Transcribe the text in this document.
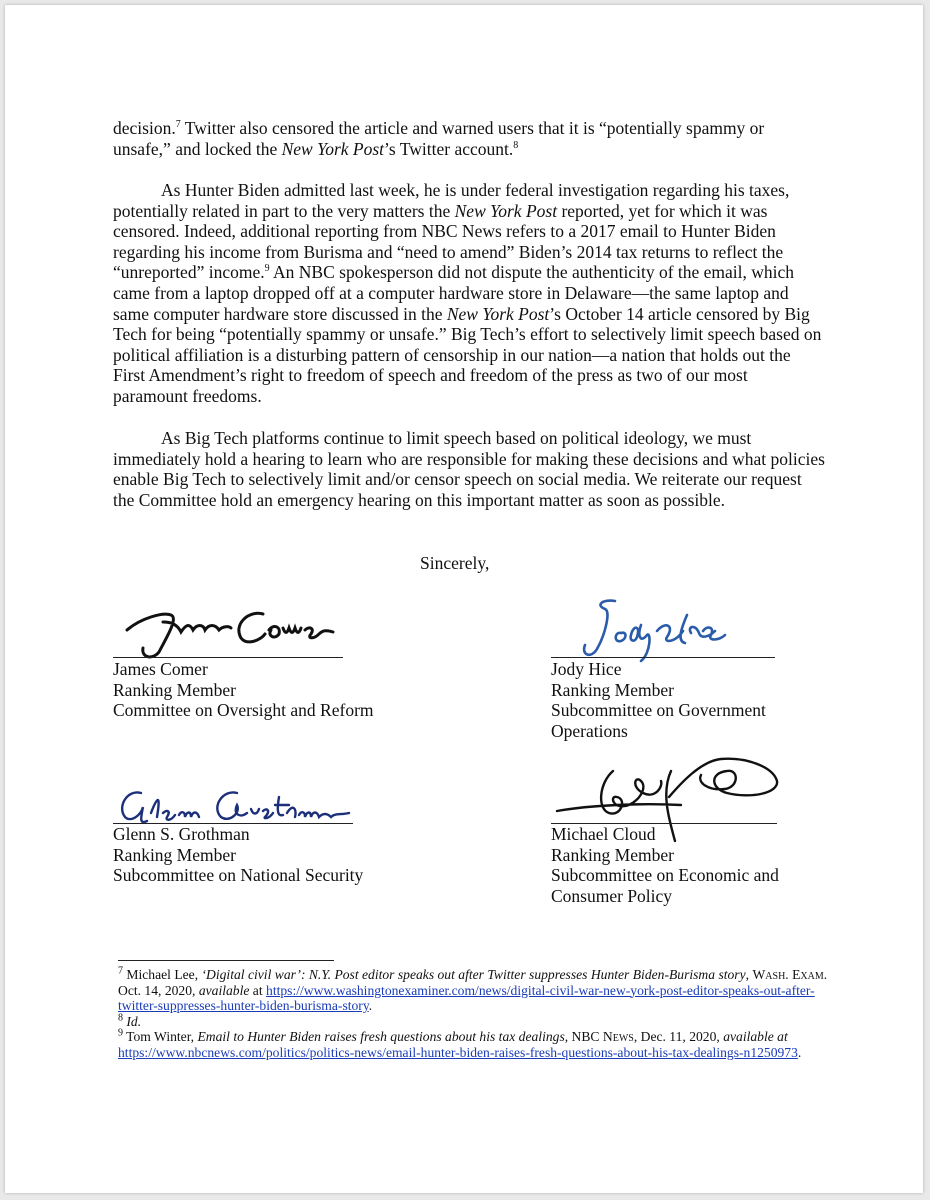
decision.$^7$ Twitter also censored the article and warned users that it is “potentially spammy or unsafe,” and locked the New York Post’s Twitter account.$^8$

As Hunter Biden admitted last week, he is under federal investigation regarding his taxes, potentially related in part to the very matters the New York Post reported, yet for which it was censored. Indeed, additional reporting from NBC News refers to a 2017 email to Hunter Biden regarding his income from Burisma and “need to amend” Biden’s 2014 tax returns to reflect the “unreported” income.$^9$ An NBC spokesperson did not dispute the authenticity of the email, which came from a laptop dropped off at a computer hardware store in Delaware—the same laptop and same computer hardware store discussed in the New York Post’s October 14 article censored by Big Tech for being “potentially spammy or unsafe.” Big Tech’s effort to selectively limit speech based on political affiliation is a disturbing pattern of censorship in our nation—a nation that holds out the First Amendment’s right to freedom of speech and freedom of the press as two of our most paramount freedoms.

As Big Tech platforms continue to limit speech based on political ideology, we must immediately hold a hearing to learn who are responsible for making these decisions and what policies enable Big Tech to selectively limit and/or censor speech on social media. We reiterate our request the Committee hold an emergency hearing on this important matter as soon as possible.

Sincerely,
James Comer
Ranking Member
Committee on Oversight and Reform
Jody Hice
Ranking Member
Subcommittee on Government
Operations
Glenn S. Grothman
Ranking Member
Subcommittee on National Security
Michael Cloud
Ranking Member
Subcommittee on Economic and
Consumer Policy

$^7$ Michael Lee, ‘Digital civil war’: N.Y. Post editor speaks out after Twitter suppresses Hunter Biden-Burisma story, Wash. Exam. Oct. 14, 2020, available at https://www.washingtonexaminer.com/news/digital-civil-war-new-york-post-editor-speaks-out-after-twitter-suppresses-hunter-biden-burisma-story.

$^8$ Id.

$^9$ Tom Winter, Email to Hunter Biden raises fresh questions about his tax dealings, NBC News, Dec. 11, 2020, available at https://www.nbcnews.com/politics/politics-news/email-hunter-biden-raises-fresh-questions-about-his-tax-dealings-n1250973.
